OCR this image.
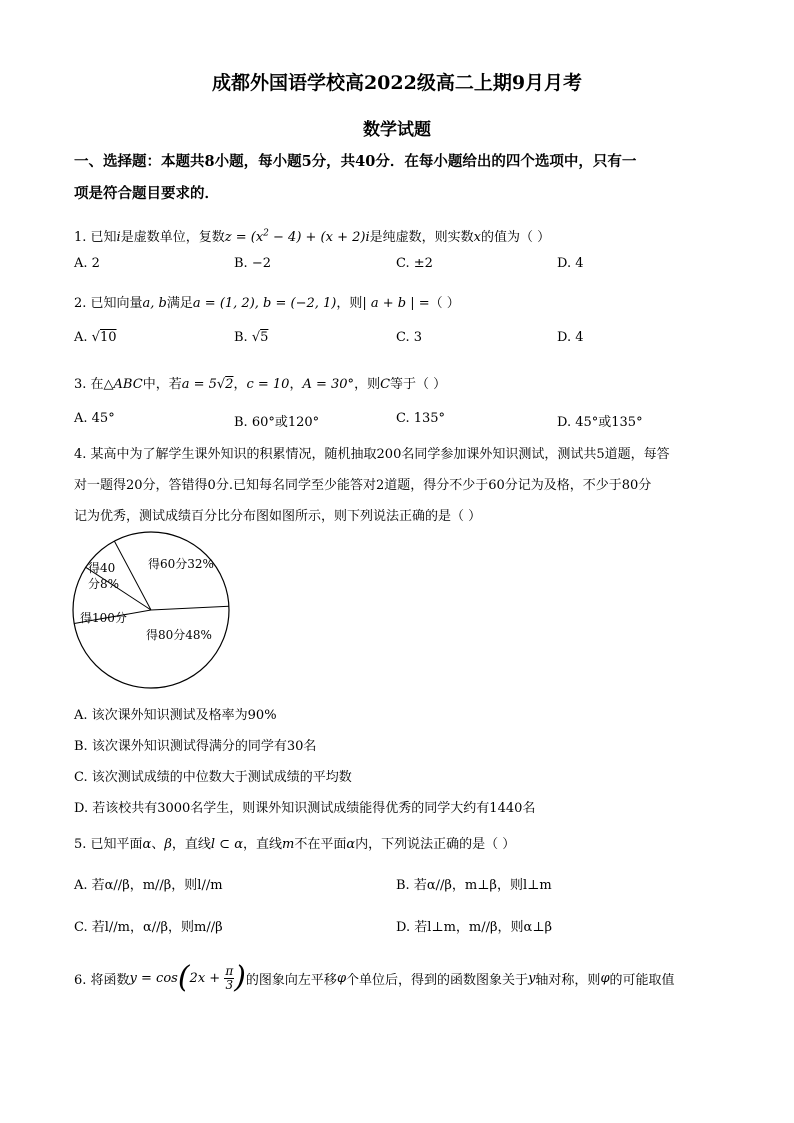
成都外国语学校高2022级高二上期9月月考
数学试题
一、选择题：本题共8小题，每小题5分，共40分．在每小题给出的四个选项中，只有一
项是符合题目要求的．
1. 已知i是虚数单位，复数$z = (x^2 - 4) + (x + 2)i$是纯虚数，则实数x的值为（ ）
A. 2	B. −2	C. ±2	D. 4
2. 已知向量a, b满足a = (1, 2), b = (−2, 1)，则| a + b | =（ ）
A. √10	B. √5	C. 3	D. 4
3. 在△ABC中，若a = 5√2，c = 10，A = 30°，则C等于（ ）
A. 45°	B. 60°或120°	C. 135°	D. 45°或135°
4. 某高中为了解学生课外知识的积累情况，随机抽取200名同学参加课外知识测试，测试共5道题，每答
对一题得20分，答错得0分.已知每名同学至少能答对2道题，得分不少于60分记为及格，不少于80分
记为优秀，测试成绩百分比分布图如图所示，则下列说法正确的是（ ）
得60分32%
得80分48%
得100分
得40
分8%
A. 该次课外知识测试及格率为90%
B. 该次课外知识测试得满分的同学有30名
C. 该次测试成绩的中位数大于测试成绩的平均数
D. 若该校共有3000名学生，则课外知识测试成绩能得优秀的同学大约有1440名
5. 已知平面α、β，直线l ⊂ α，直线m不在平面α内，下列说法正确的是（ ）
A. 若α//β，m//β，则l//m	B. 若α//β，m⊥β，则l⊥m
C. 若l//m，α//β，则m//β	D. 若l⊥m，m//β，则α⊥β
6. 将函数 y = cos ( $2x + \frac{\pi}{3}$ ) 的图象向左平移 φ 个单位后，得到的函数图象关于 y 轴对称，则 φ 的可能取值
